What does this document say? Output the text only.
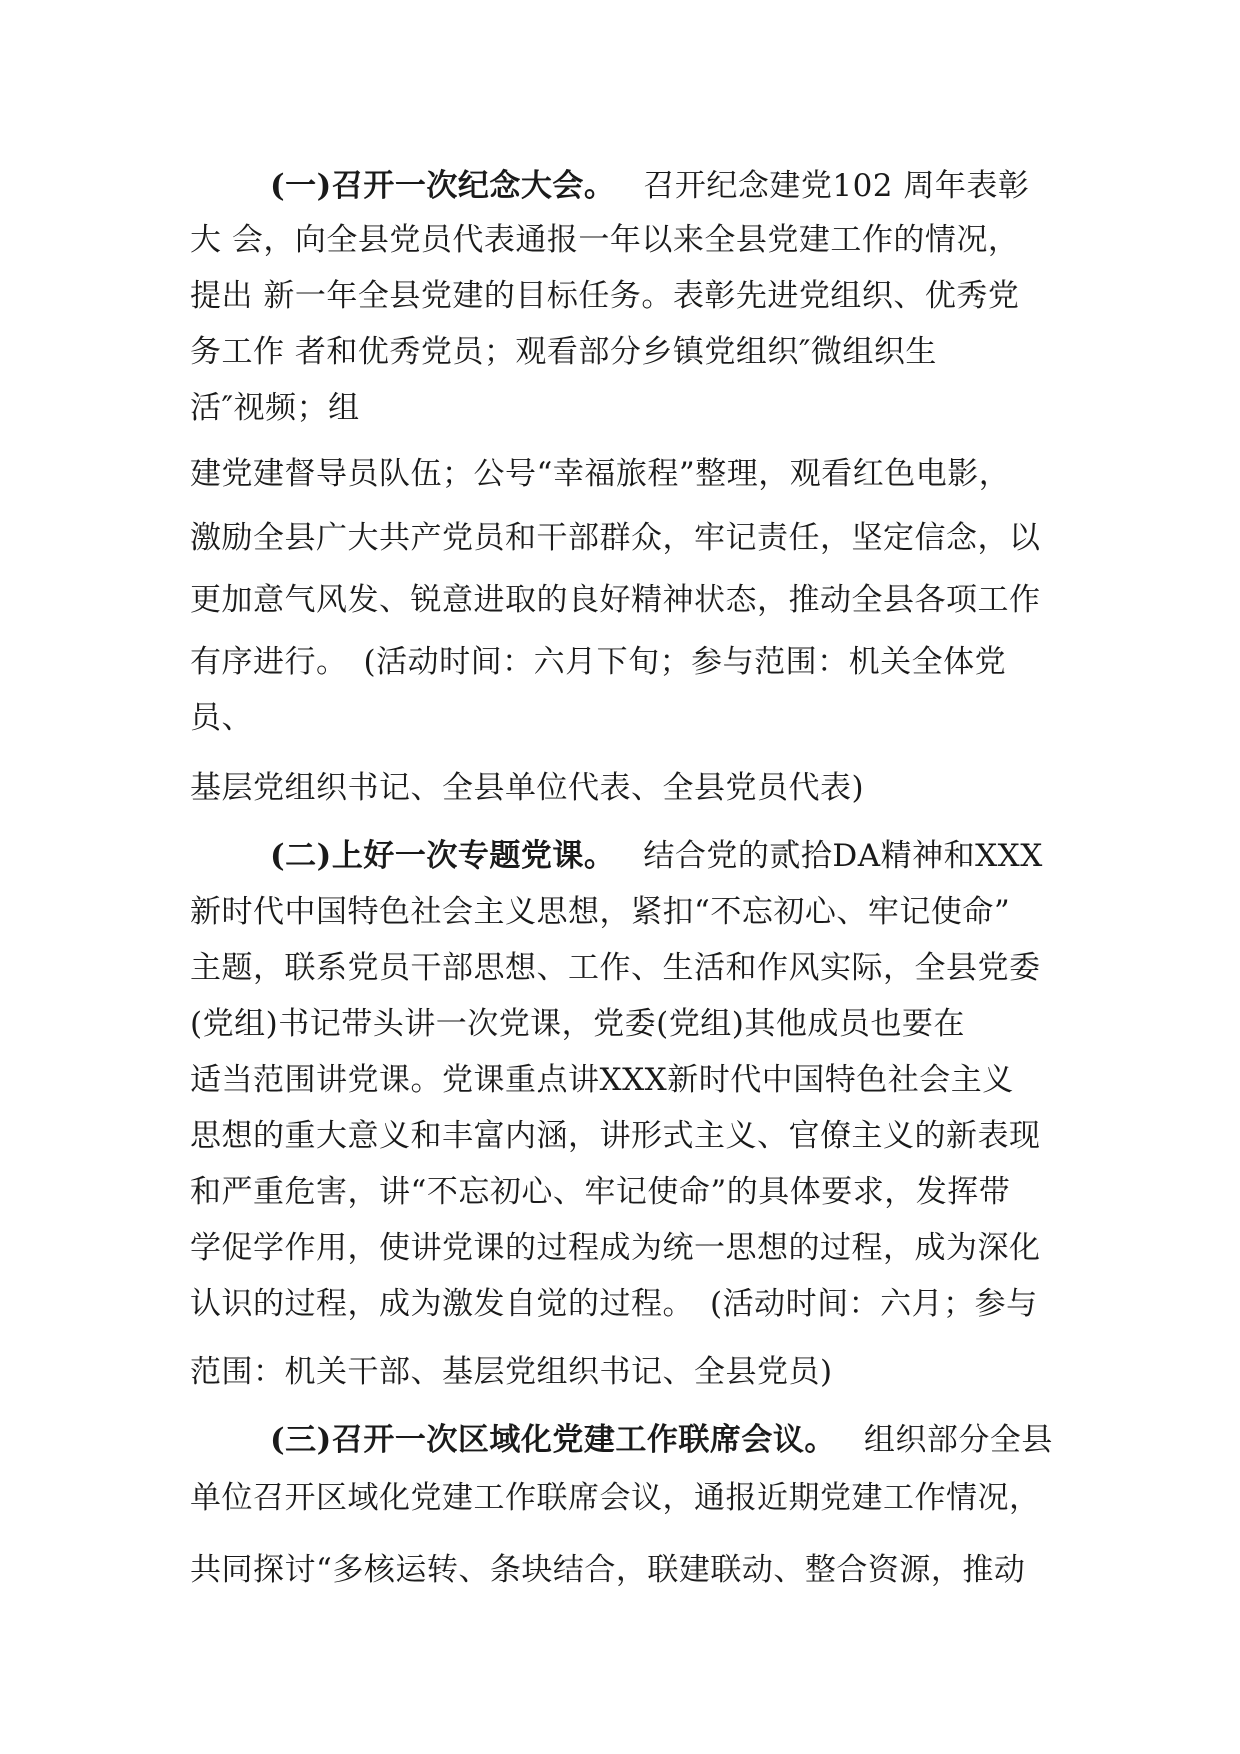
(一)召开一次纪念大会。 召开纪念建党102 周年表彰
大 会，向全县党员代表通报一年以来全县党建工作的情况，
提出 新一年全县党建的目标任务。表彰先进党组织、优秀党
务工作 者和优秀党员；观看部分乡镇党组织″微组织生
活″视频；组
建党建督导员队伍；公号“幸福旅程”整理，观看红色电影，
激励全县广大共产党员和干部群众，牢记责任，坚定信念，以
更加意气风发、锐意进取的良好精神状态，推动全县各项工作
有序进行。　(活动时间：六月下旬；参与范围：机关全体党
员、
基层党组织书记、全县单位代表、全县党员代表)
(二)上好一次专题党课。 结合党的贰拾DA精神和XXX
新时代中国特色社会主义思想，紧扣“不忘初心、牢记使命”
主题，联系党员干部思想、工作、生活和作风实际，全县党委
(党组)书记带头讲一次党课，党委(党组)其他成员也要在
适当范围讲党课。党课重点讲XXX新时代中国特色社会主义
思想的重大意义和丰富内涵，讲形式主义、官僚主义的新表现
和严重危害，讲“不忘初心、牢记使命”的具体要求，发挥带
学促学作用，使讲党课的过程成为统一思想的过程，成为深化
认识的过程，成为激发自觉的过程。　(活动时间：六月；参与
范围：机关干部、基层党组织书记、全县党员)
(三)召开一次区域化党建工作联席会议。 组织部分全县
单位召开区域化党建工作联席会议，通报近期党建工作情况，
共同探讨“多核运转、条块结合，联建联动、整合资源，推动
